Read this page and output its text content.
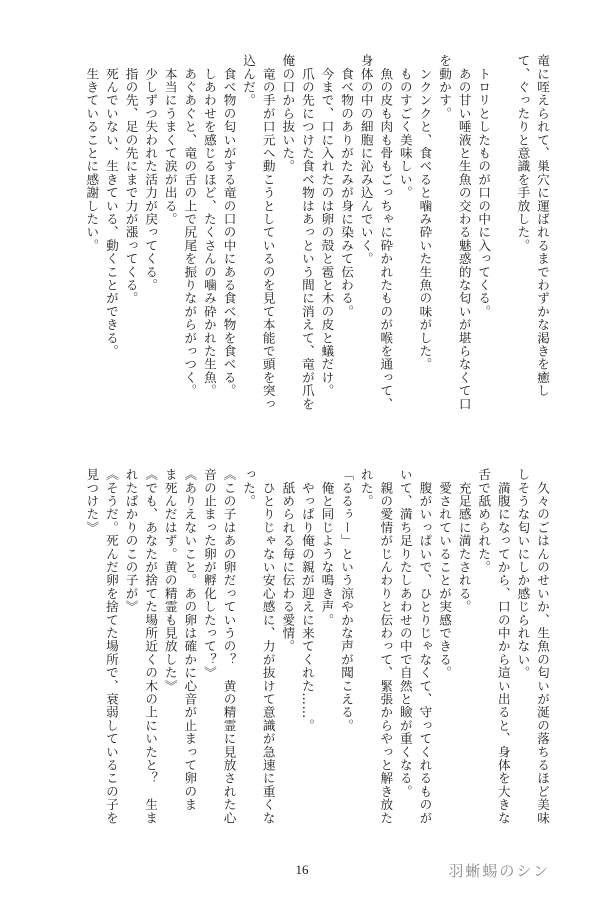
竜に咥えられて、巣穴に運ばれるまでわずかな渇きを癒し
て、ぐったりと意識を手放した。

　トロリとしたものが口の中に入ってくる。
　あの甘い唾液と生魚の交わる魅惑的な匂いが堪らなくて口
を動かす。
　ンクンクと、食べると噛み砕いた生魚の味がした。
　ものすごく美味しい。
　魚の皮も肉も骨もごっちゃに砕かれたものが喉を通って、
身体の中の細胞に沁み込んでいく。
　食べ物のありがたみが身に染みて伝わる。
　今まで、口に入れたのは卵の殻と雹と木の皮と蟻だけ。
　爪の先につけた食べ物はあっという間に消えて、竜が爪を
俺の口から抜いた。
　竜の手が口元へ動こうとしているのを見て本能で頭を突っ
込んだ。
　食べ物の匂いがする竜の口の中にある食べ物を食べる。
　しあわせを感じるほど、たくさんの噛み砕かれた生魚。
　あぐあぐと、竜の舌の上で尻尾を振りながらがっつく。
　本当にうまくて涙が出る。
　少しずつ失われた活力が戻ってくる。
　指の先、足の先にまで力が漲ってくる。
　死んでいない、生きている、動くことができる。
　生きていることに感謝したい。
　久々のごはんのせいか、生魚の匂いが涎の落ちるほど美味
しそうな匂いにしか感じられない。
　満腹になってから、口の中から這い出ると、身体を大きな
舌で舐められた。
　充足感に満たされる。
　愛されていることが実感できる。
　腹がいっぱいで、ひとりじゃなくて、守ってくれるものが
いて、満ち足りたしあわせの中で自然と瞼が重くなる。
　親の愛情がじんわりと伝わって、緊張からやっと解き放た
れた。
「るるぅー」という涼やかな声が聞こえる。
　俺と同じような鳴き声。
　やっぱり俺の親が迎えに来てくれた……。
　舐められる毎に伝わる愛情。
　ひとりじゃない安心感に、力が抜けて意識が急速に重くな
った。
《この子はあの卵だっていうの？　黄の精霊に見放された心
音の止まった卵が孵化したって？》
《ありえないこと。あの卵は確かに心音が止まって卵のま
ま死んだはず。黄の精霊も見放した》
《でも、あなたが捨てた場所近くの木の上にいたと？　生ま
れたばかりのこの子が》
《そうだ。死んだ卵を捨てた場所で、衰弱しているこの子を
見つけた》
16	羽蜥蜴のシン
